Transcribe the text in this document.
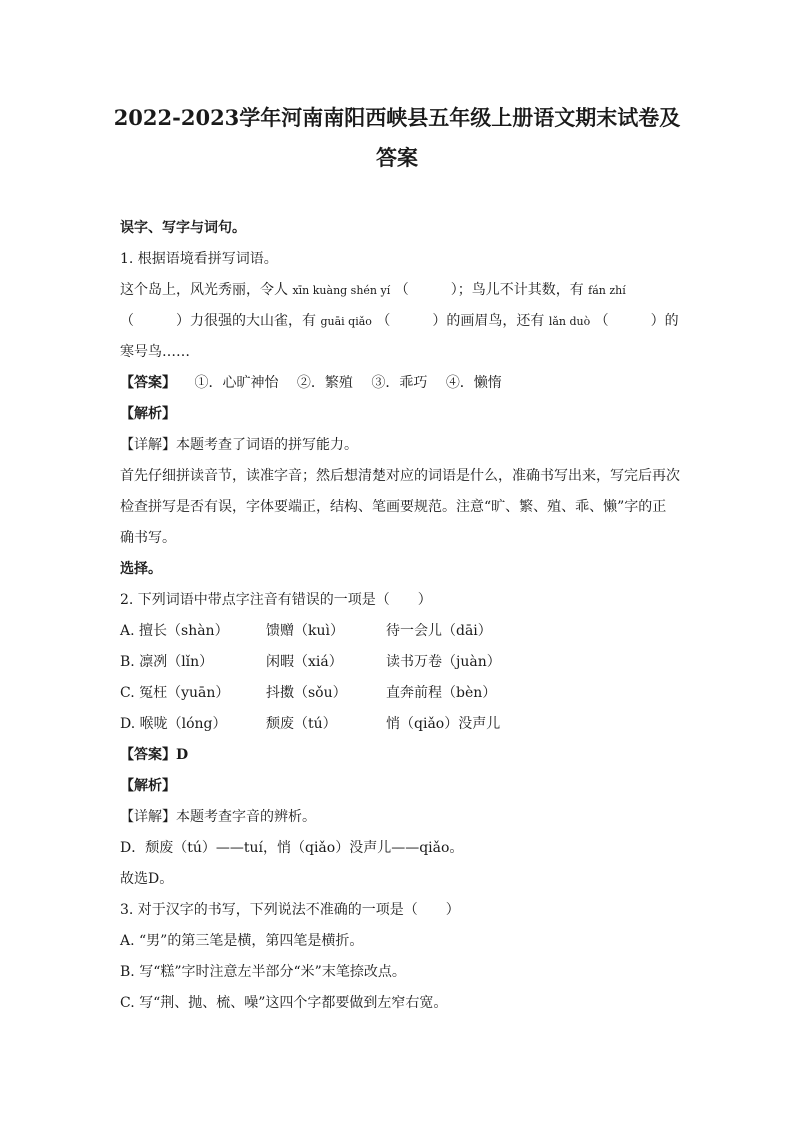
2022-2023学年河南南阳西峡县五年级上册语文期末试卷及
答案
误字、写字与词句。
1. 根据语境看拼写词语。
这个岛上，风光秀丽，令人 xīn kuàng shén yí （　　　）；鸟儿不计其数，有 fán zhí
（　　　）力很强的大山雀，有 guāi qiǎo （　　　）的画眉鸟，还有 lǎn duò （　　　）的
寒号鸟……
【答案】 ①．心旷神怡 ②．繁殖 ③．乖巧 ④．懒惰
【解析】
【详解】本题考查了词语的拼写能力。
首先仔细拼读音节，读准字音；然后想清楚对应的词语是什么，准确书写出来，写完后再次
检查拼写是否有误，字体要端正，结构、笔画要规范。注意“旷、繁、殖、乖、懒”字的正
确书写。
选择。
2. 下列词语中带点字注音有错误的一项是（　　）
A. 擅长（shàn）	馈赠（kuì）	待一会儿（dāi）
B. 凛冽（lǐn）	闲暇（xiá）	读书万卷（juàn）
C. 冤枉（yuān）	抖擞（sǒu）	直奔前程（bèn）
D. 喉咙（lóng）	颓废（tú）	悄（qiǎo）没声儿
【答案】D
【解析】
【详解】本题考查字音的辨析。
D．颓废（tú）——tuí，悄（qiǎo）没声儿——qiǎo。
故选D。
3. 对于汉字的书写，下列说法不准确的一项是（　　）
A. “男”的第三笔是横，第四笔是横折。
B. 写“糕”字时注意左半部分“米”末笔捺改点。
C. 写“荆、抛、梳、噪”这四个字都要做到左窄右宽。
